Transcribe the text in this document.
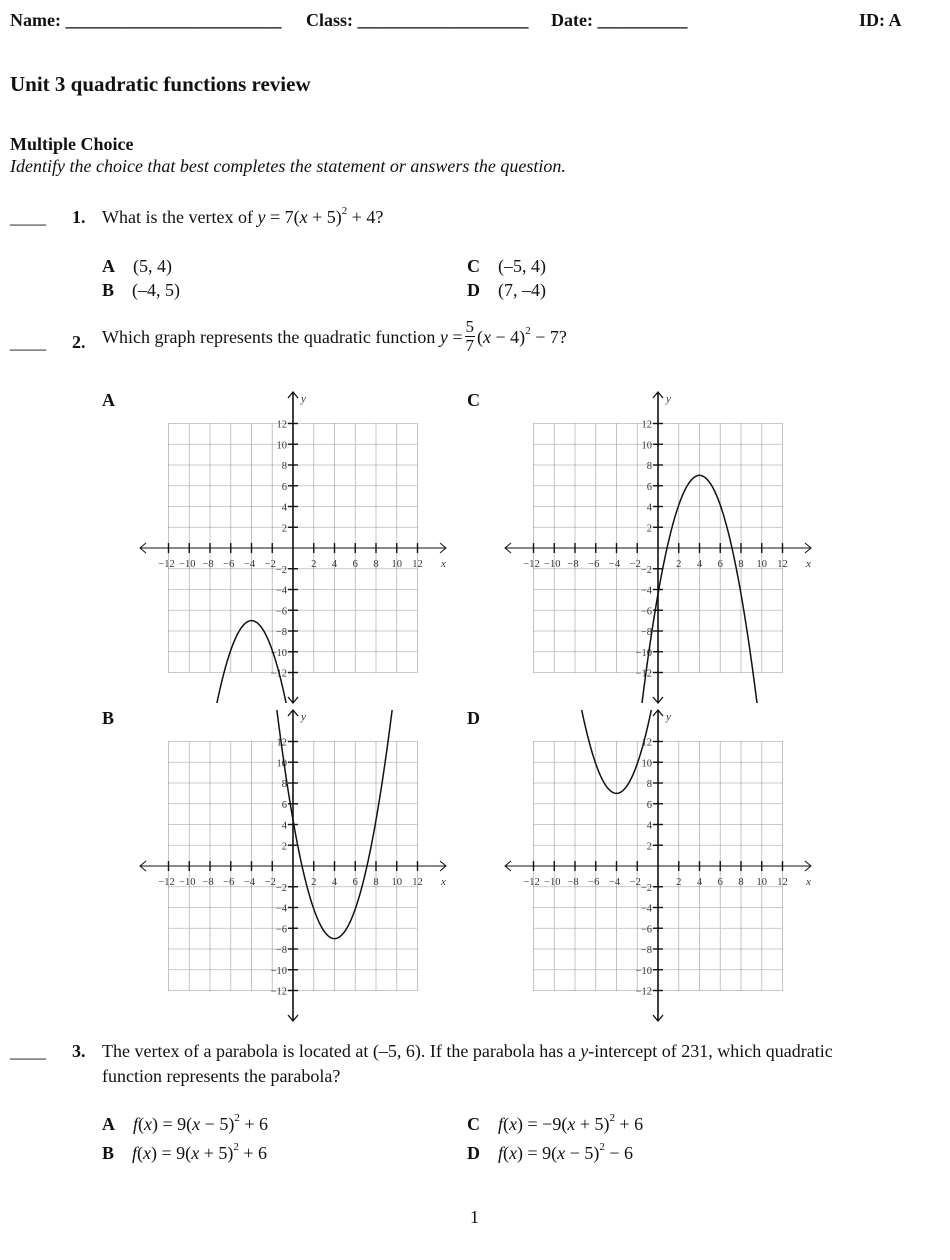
Name: ________________________ Class: ___________________ Date: __________	ID: A
Unit 3 quadratic functions review
Multiple Choice
Identify the choice that best completes the statement or answers the question.
____ 1. What is the vertex of $y = 7(x + 5)^2 + 4$?
A (5, 4)
B (–4, 5)
C (–5, 4)
D (7, –4)
____ 2. Which graph represents the quadratic function $y = \frac{5}{7} (x - 4)^2 - 7$?
A	C
B	D
−12 −10 −8 −6 −4 −2	2 4 6 8 10 12
−12
−10
−8
−6
−4
−2
2
4
6
8
10
12
x
y
−12 −10 −8 −6 −4 −2	2 4 6 8 10 12
−12
−10
−8
−6
−4
−2
2
4
6
8
10
12
x
y
−12 −10 −8 −6 −4 −2	2 4 6 8 10 12
−12
−10
−8
−6
−4
−2
2
4
6
8
10
12
x
y
−12 −10 −8 −6 −4 −2	2 4 6 8 10 12
−12
−10
−8
−6
−4
−2
2
4
6
8
10
12
x
y
____ 3. The vertex of a parabola is located at (–5, 6). If the parabola has a y-intercept of 231, which quadratic
function represents the parabola?
A $f(x) = 9(x - 5)^2 + 6$
B $f(x) = 9(x + 5)^2 + 6$
C $f(x) = -9(x + 5)^2 + 6$
D $f(x) = 9(x - 5)^2 - 6$
1
